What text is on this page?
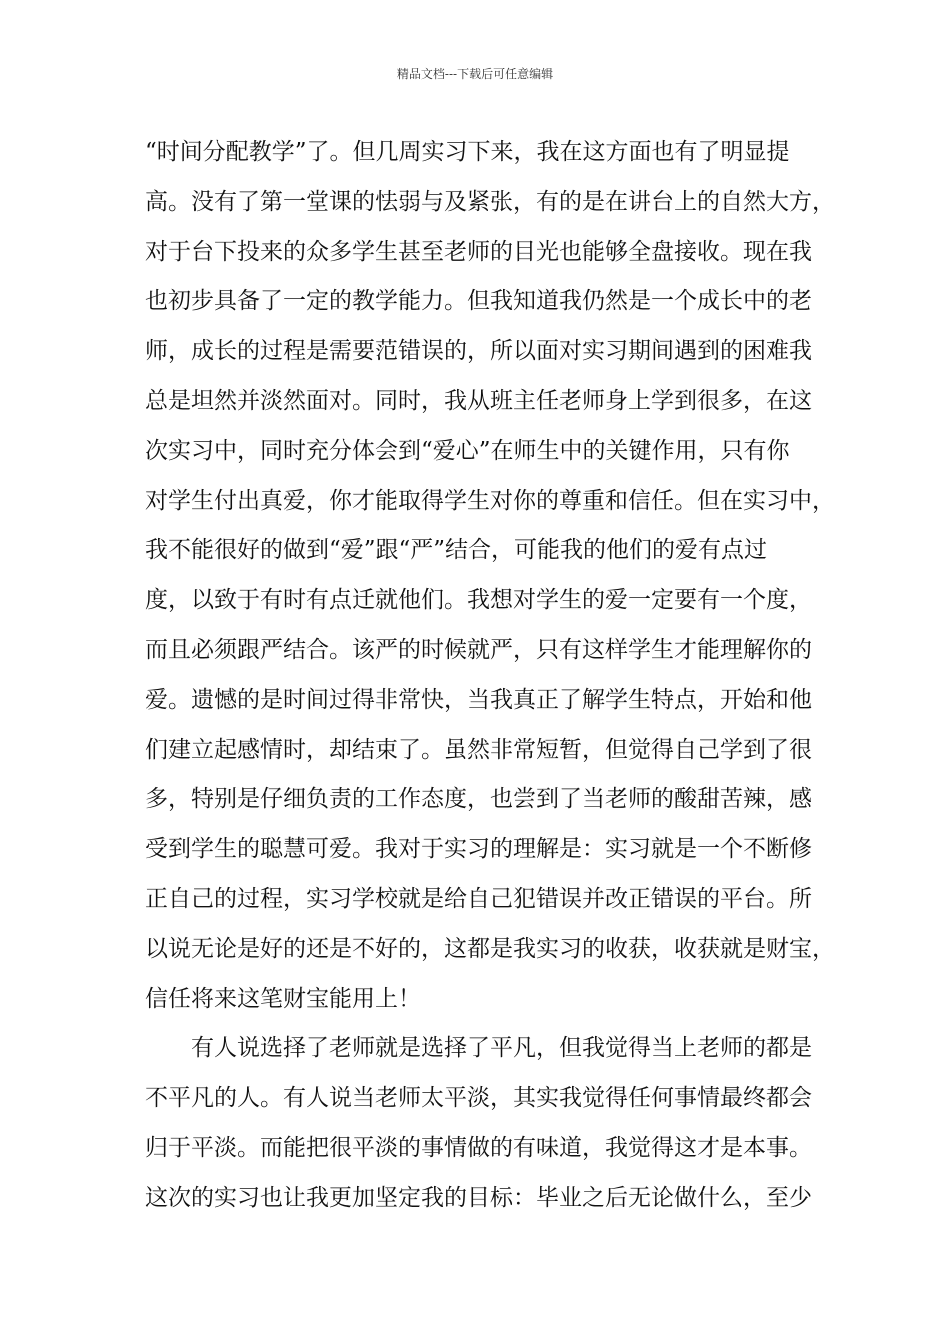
精品文档---下载后可任意编辑
“时间分配教学”了。但几周实习下来，我在这方面也有了明显提
高。没有了第一堂课的怯弱与及紧张，有的是在讲台上的自然大方，
对于台下投来的众多学生甚至老师的目光也能够全盘接收。现在我
也初步具备了一定的教学能力。但我知道我仍然是一个成长中的老
师，成长的过程是需要范错误的，所以面对实习期间遇到的困难我
总是坦然并淡然面对。同时，我从班主任老师身上学到很多，在这
次实习中，同时充分体会到“爱心”在师生中的关键作用，只有你
对学生付出真爱，你才能取得学生对你的尊重和信任。但在实习中，
我不能很好的做到“爱”跟“严”结合，可能我的他们的爱有点过
度，以致于有时有点迁就他们。我想对学生的爱一定要有一个度，
而且必须跟严结合。该严的时候就严，只有这样学生才能理解你的
爱。遗憾的是时间过得非常快，当我真正了解学生特点，开始和他
们建立起感情时，却结束了。虽然非常短暂，但觉得自己学到了很
多，特别是仔细负责的工作态度，也尝到了当老师的酸甜苦辣，感
受到学生的聪慧可爱。我对于实习的理解是：实习就是一个不断修
正自己的过程，实习学校就是给自己犯错误并改正错误的平台。所
以说无论是好的还是不好的，这都是我实习的收获，收获就是财宝，
信任将来这笔财宝能用上！
有人说选择了老师就是选择了平凡，但我觉得当上老师的都是
不平凡的人。有人说当老师太平淡，其实我觉得任何事情最终都会
归于平淡。而能把很平淡的事情做的有味道，我觉得这才是本事。
这次的实习也让我更加坚定我的目标：毕业之后无论做什么，至少
